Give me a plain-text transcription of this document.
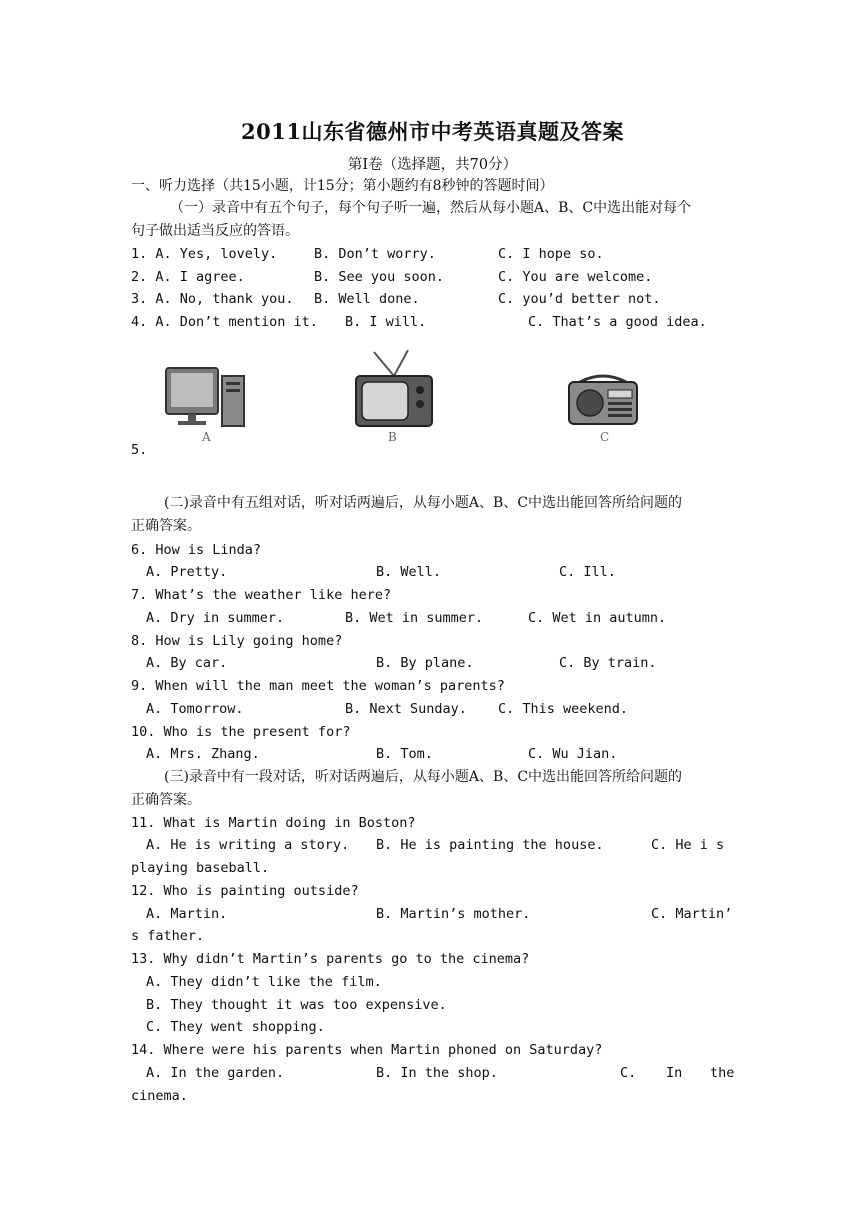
2011山东省德州市中考英语真题及答案
第Ⅰ卷（选择题，共70分）
一、听力选择（共15小题，计15分；第小题约有8秒钟的答题时间）
（一）录音中有五个句子，每个句子听一遍，然后从每小题A、B、C中选出能对每个
句子做出适当反应的答语。
1. A. Yes, lovely.	B. Don’t worry.	C. I hope so.
2. A. I agree.	B. See you soon.	C. You are welcome.
3. A. No, thank you. B. Well done.	C. you’d better not.
4. A. Don’t mention it. B. I will.	C. That’s a good idea.
A	B	C
5.
(二)录音中有五组对话，听对话两遍后，从每小题A、B、C中选出能回答所给问题的
正确答案。
6. How is Linda?
A. Pretty.	B. Well.	C. Ill.
7. What’s the weather like here?
A. Dry in summer.	B. Wet in summer.	C. Wet in autumn.
8. How is Lily going home?
A. By car.	B. By plane.	C. By train.
9. When will the man meet the woman’s parents?
A. Tomorrow.	B. Next Sunday. C. This weekend.
10. Who is the present for?
A. Mrs. Zhang.	B. Tom.	C. Wu Jian.
(三)录音中有一段对话，听对话两遍后，从每小题A、B、C中选出能回答所给问题的
正确答案。
11. What is Martin doing in Boston?
A. He is writing a story. B. He is painting the house.	C. He i s
playing baseball.
12. Who is painting outside?
A. Martin.	B. Martin’s mother.	C. Martin’
s father.
13. Why didn’t Martin’s parents go to the cinema?
A. They didn’t like the film.
B. They thought it was too expensive.
C. They went shopping.
14. Where were his parents when Martin phoned on Saturday?
A. In the garden.	B. In the shop.	C. In the
cinema.
